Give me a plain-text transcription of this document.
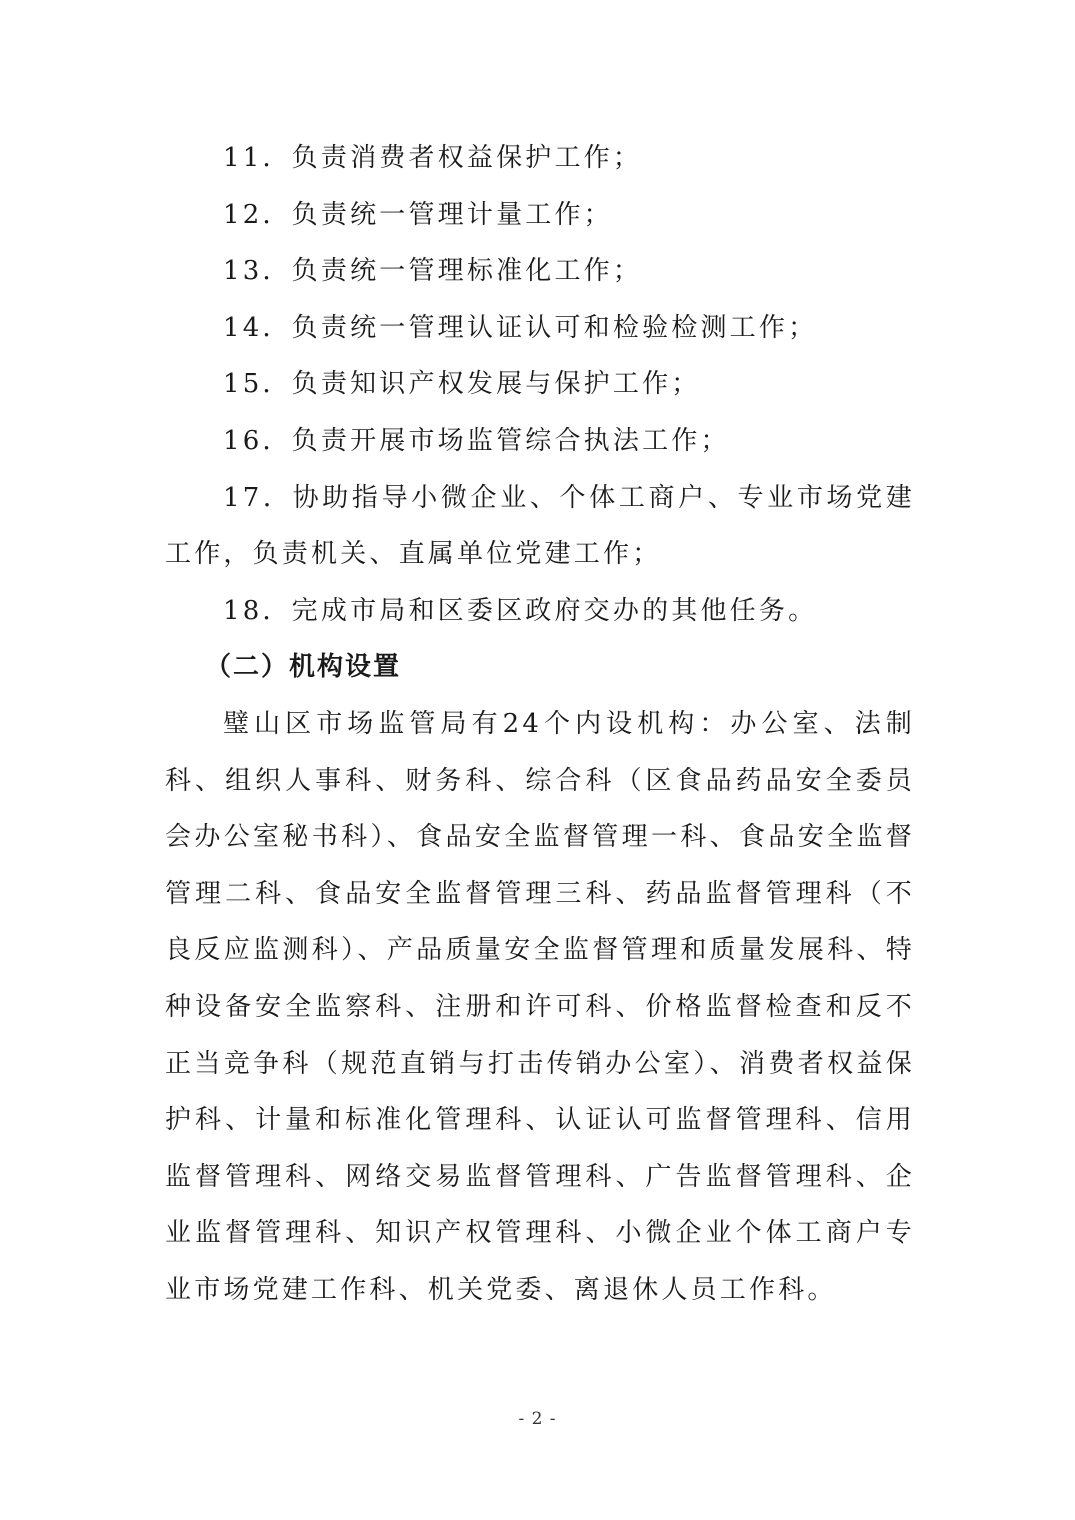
11．负责消费者权益保护工作；

12．负责统一管理计量工作；

13．负责统一管理标准化工作；

14．负责统一管理认证认可和检验检测工作；

15．负责知识产权发展与保护工作；

16．负责开展市场监管综合执法工作；

17．协助指导小微企业、个体工商户、专业市场党建工作，负责机关、直属单位党建工作；

18．完成市局和区委区政府交办的其他任务。

（二）机构设置

璧山区市场监管局有24个内设机构：办公室、法制科、组织人事科、财务科、综合科（区食品药品安全委员会办公室秘书科）、食品安全监督管理一科、食品安全监督管理二科、食品安全监督管理三科、药品监督管理科（不良反应监测科）、产品质量安全监督管理和质量发展科、特种设备安全监察科、注册和许可科、价格监督检查和反不正当竞争科（规范直销与打击传销办公室）、消费者权益保护科、计量和标准化管理科、认证认可监督管理科、信用监督管理科、网络交易监督管理科、广告监督管理科、企业监督管理科、知识产权管理科、小微企业个体工商户专业市场党建工作科、机关党委、离退休人员工作科。

- 2 -
